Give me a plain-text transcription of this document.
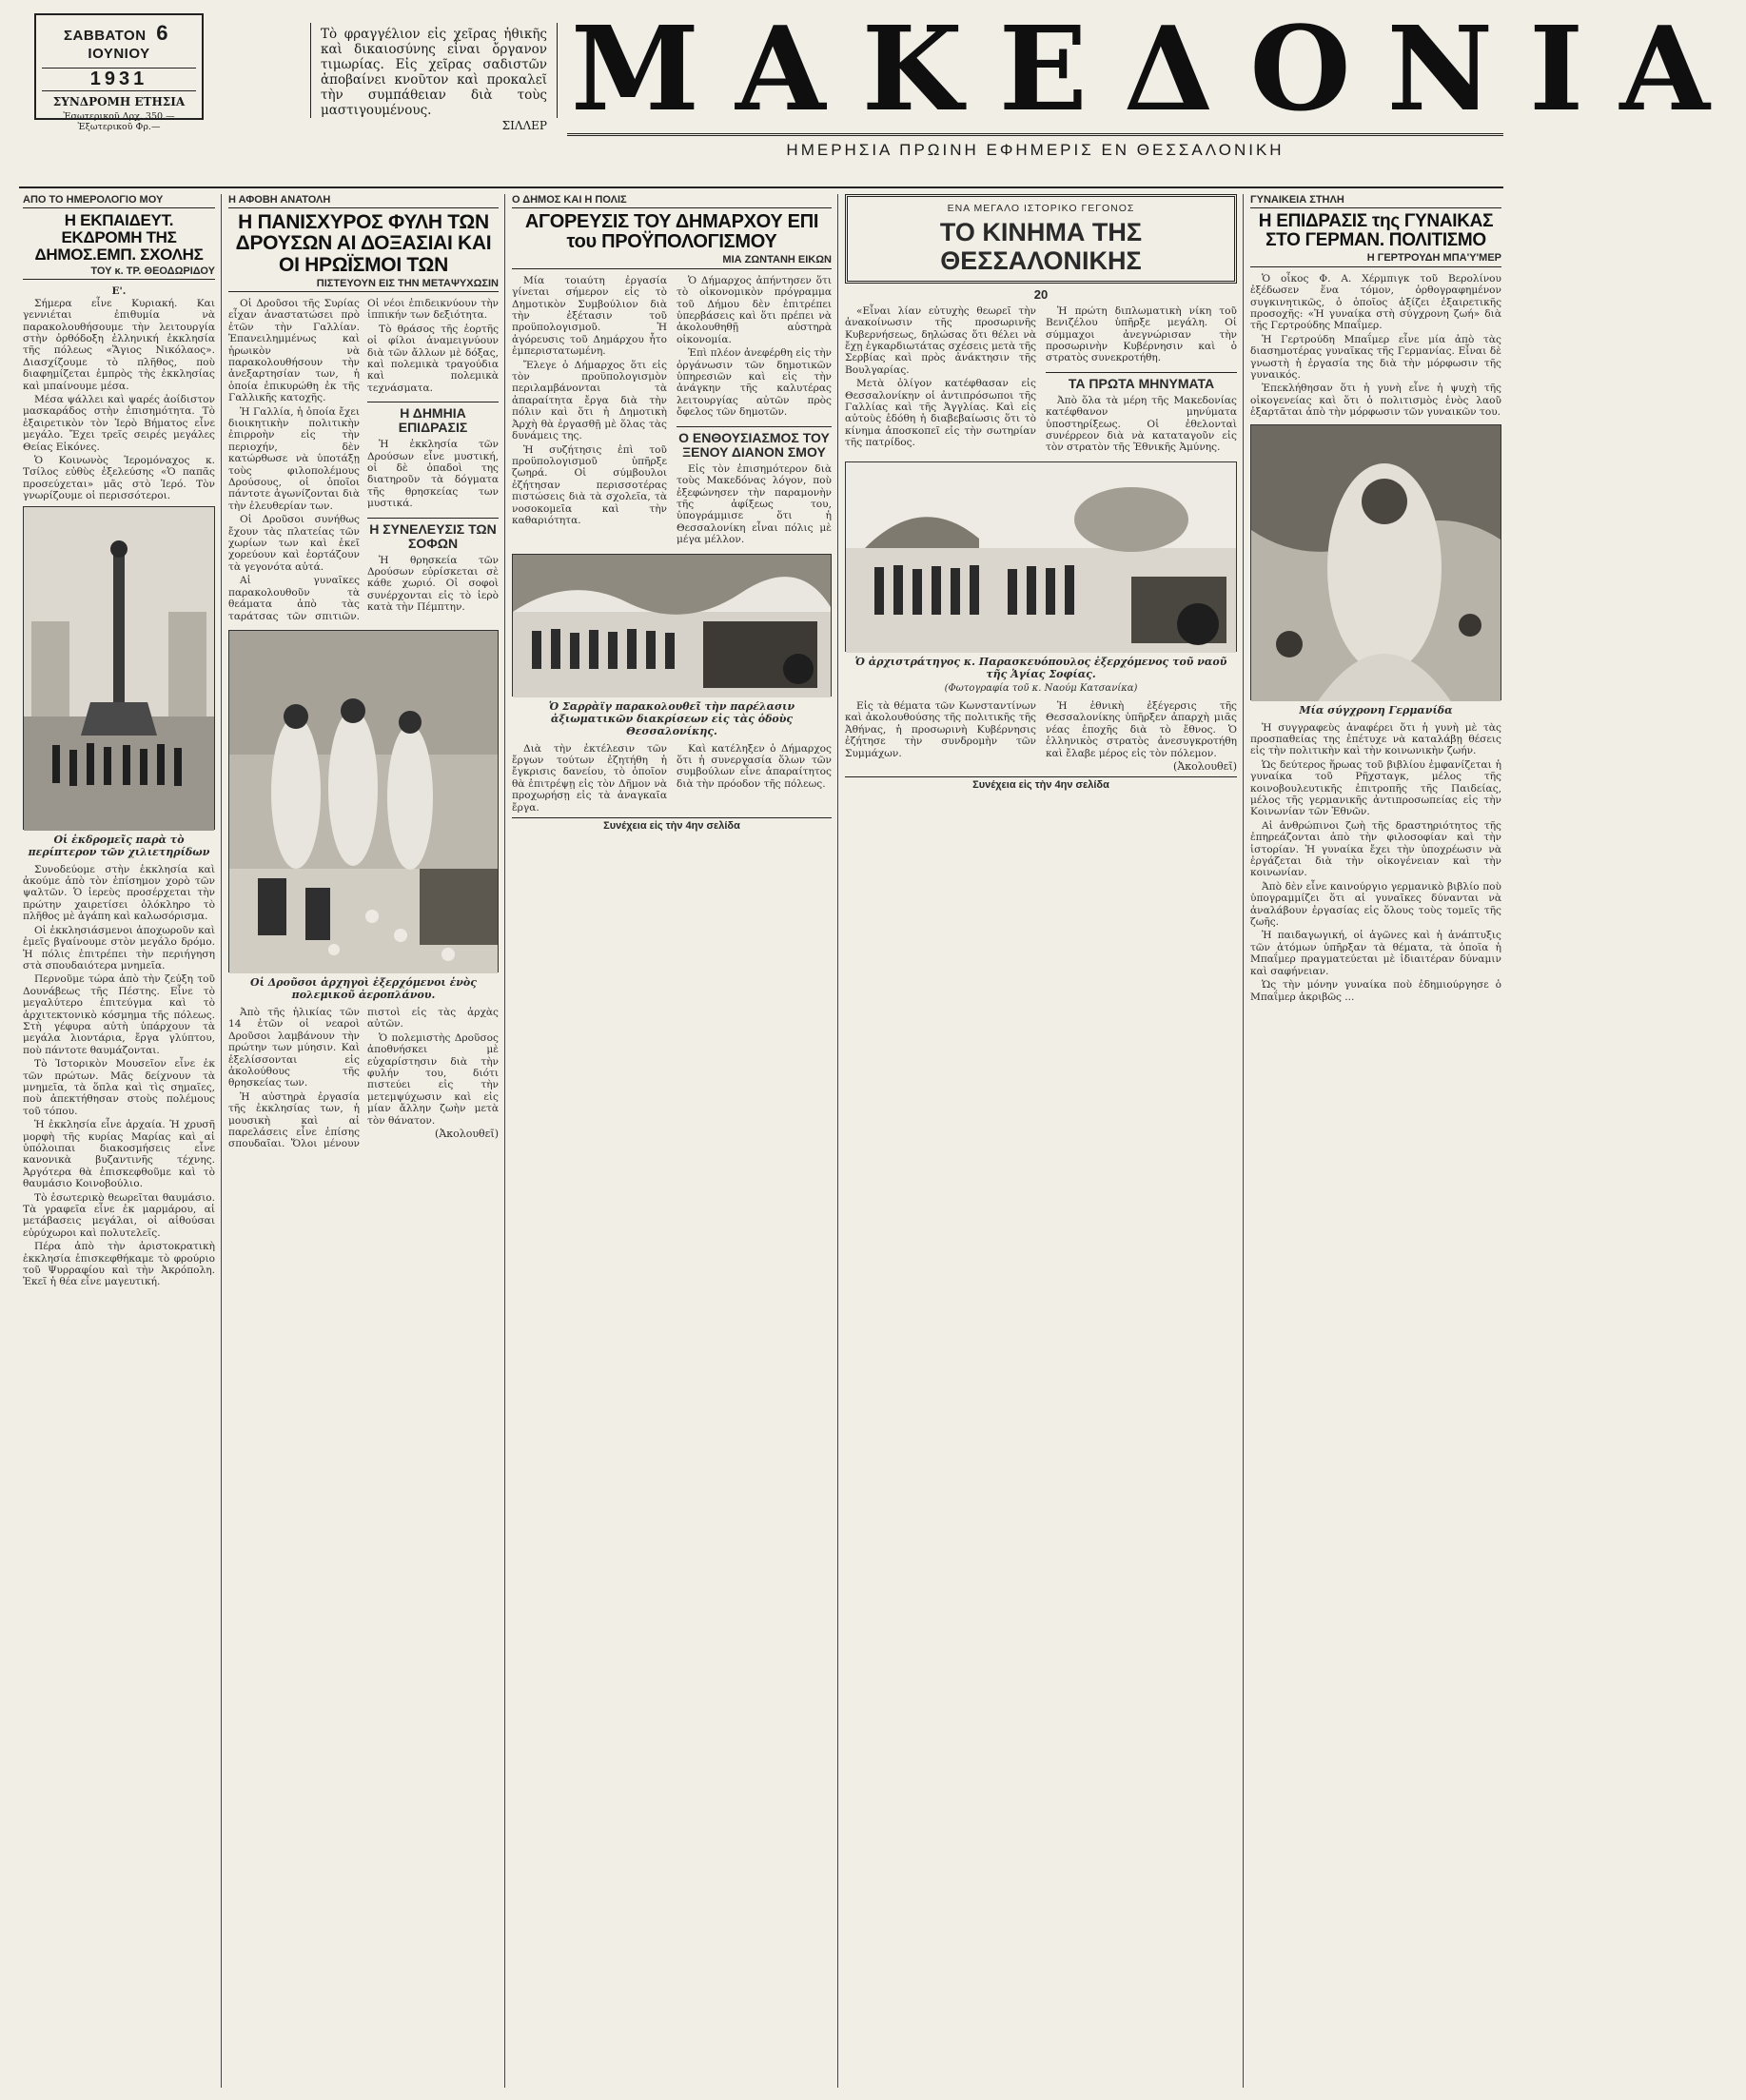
ΣΑΒΒΑΤΟΝ 6 ΙΟΥΝΙΟΥ
1931
ΣΥΝΔΡΟΜΗ ΕΤΗΣΙΑ
Ἐσωτερικοῦ Δρχ. 350.— Ἐξωτερικοῦ Φρ.—
Τὸ φραγγέλιον εἰς χεῖρας ἠθικῆς καὶ δικαιοσύνης εἶναι ὄργανον τιμωρίας. Εἰς χεῖρας σαδιστῶν ἀποβαίνει κνοῦτον καὶ προκαλεῖ τὴν συμπάθειαν διὰ τοὺς μαστιγουμένους.
ΣΙΛΛΕΡ ΜΑΚΕΔΟΝΙΑ
ΗΜΕΡΗΣΙΑ ΠΡΩΙΝΗ ΕΦΗΜΕΡΙΣ ΕΝ ΘΕΣΣΑΛΟΝΙΚΗ
ΑΠΟ ΤΟ ΗΜΕΡΟΛΟΓΙΟ ΜΟΥ
Η ΕΚΠΑΙΔΕΥΤ. ΕΚΔΡΟΜΗ ΤΗΣ ΔΗΜΟΣ.ΕΜΠ. ΣΧΟΛΗΣ
ΤΟΥ κ. ΤΡ. ΘΕΟΔΩΡΙΔΟΥ
Ε'.

Σήμερα εἶνε Κυριακή. Και γεννιέται ἐπιθυμία νὰ παρακολουθήσουμε τὴν λειτουργία στὴν ὀρθόδοξη ἑλληνική ἐκκλησία τῆς πόλεως «Ἅγιος Νικόλαος». Διασχίζουμε τὸ πλῆθος, ποὺ διαφημίζεται ἐμπρὸς τὴς ἐκκλησίας καὶ μπαίνουμε μέσα.

Μέσα ψάλλει καὶ ψαρές ἀοίδιστον μασκαράδος στὴν ἐπισημότητα. Τὸ ἐξαιρετικὸν τὸν Ἱερὸ Βήματος εἶνε μεγάλο. Ἔχει τρεῖς σειρές μεγάλες Θείας Εἰκόνες.

Ὁ Κοινωνὸς Ἱερομόναχος κ. Τσίλος εὐθὺς ἐξελεύσης «Ὁ παπᾶς προσεύχεται» μᾶς στὸ Ἱερό. Τὸν γνωρίζουμε οἱ περισσότεροι.

Οἱ ἐκδρομεῖς παρὰ τὸ περίπτερον τῶν χιλιετηρίδων

Συνοδεύομε στὴν ἐκκλησία καὶ ἀκούμε ἀπὸ τὸν ἐπίσημον χορὸ τῶν ψαλτῶν. Ὁ ἱερεὺς προσέρχεται τὴν πρώτην χαιρετίσει ὁλόκληρο τὸ πλῆθος μὲ ἀγάπη καὶ καλωσόρισμα.

Οἱ ἐκκλησιάσμενοι ἀποχωροῦν καὶ ἐμεῖς βγαίνουμε στὸν μεγάλο δρόμο. Ἡ πόλις ἐπιτρέπει τὴν περιήγηση στὰ σπουδαιότερα μνημεῖα.

Περνοῦμε τώρα ἀπὸ τὴν ζεύξη τοῦ Δουνάβεως τῆς Πέστης. Εἶνε τὸ μεγαλύτερο ἐπιτεύγμα καὶ τὸ ἀρχιτεκτονικὸ κόσμημα τῆς πόλεως. Στὴ γέφυρα αὐτὴ ὑπάρχουν τὰ μεγάλα λιοντάρια, ἔργα γλύπτου, ποὺ πάντοτε θαυμάζονται.

Τὸ Ἰστορικὸν Μουσεῖον εἶνε ἐκ τῶν πρώτων. Μᾶς δείχνουν τὰ μνημεῖα, τὰ ὅπλα καὶ τὶς σημαῖες, ποὺ ἀπεκτήθησαν στοὺς πολέμους τοῦ τόπου.

Ἡ ἐκκλησία εἶνε ἀρχαία. Ἡ χρυσῆ μορφὴ τῆς κυρίας Μαρίας καὶ αἱ ὑπόλοιπαι διακοσμήσεις εἶνε κανονικὰ βυζαντινῆς τέχνης. Ἀργότερα θὰ ἐπισκεφθοῦμε καὶ τὸ θαυμάσιο Κοινοβούλιο.

Τὸ ἐσωτερικὸ θεωρεῖται θαυμάσιο. Τὰ γραφεῖα εἶνε ἐκ μαρμάρου, αἱ μετάβασεις μεγάλαι, οἱ αἰθούσαι εὐρύχωροι καὶ πολυτελεῖς.

Πέρα ἀπὸ τὴν ἀριστοκρατικὴ ἐκκλησία ἐπισκεφθήκαμε τὸ φρούριο τοῦ Ψυρραφίου καὶ τὴν Ἀκρόπολη. Ἐκεῖ ἡ θέα εἶνε μαγευτική.

Η ΑΦΟΒΗ ΑΝΑΤΟΛΗ
Η ΠΑΝΙΣΧΥΡΟΣ ΦΥΛΗ ΤΩΝ ΔΡΟΥΣΩΝ ΑΙ ΔΟΞΑΣΙΑΙ ΚΑΙ ΟΙ ΗΡΩΪΣΜΟΙ ΤΩΝ
ΠΙΣΤΕΥΟΥΝ ΕΙΣ ΤΗΝ ΜΕΤΑΨΥΧΩΣΙΝ

Οἱ Δροῦσοι τῆς Συρίας εἶχαν ἀναστατώσει πρὸ ἐτῶν τὴν Γαλλίαν. Ἐπανειλημμένως καὶ ἡρωικὸν νὰ παρακολουθήσουν τὴν ἀνεξαρτησίαν των, ἡ ὁποία ἐπικυρώθη ἐκ τῆς Γαλλικῆς κατοχῆς.

Ἡ Γαλλία, ἡ ὁποία ἔχει διοικητικὴν πολιτικὴν ἐπιρροὴν εἰς τὴν περιοχήν, δὲν κατώρθωσε νὰ ὑποτάξῃ τοὺς φιλοπολέμους Δρούσους, οἱ ὁποῖοι πάντοτε ἀγωνίζονται διὰ τὴν ἐλευθερίαν των.

Οἱ Δροῦσοι συνήθως ἔχουν τὰς πλατείας τῶν χωρίων των καὶ ἐκεῖ χορεύουν καὶ ἑορτάζουν τὰ γεγονότα αὐτά.

Αἱ γυναῖκες παρακολουθοῦν τὰ θεάματα ἀπὸ τὰς ταράτσας τῶν σπιτιῶν. Οἱ νέοι ἐπιδεικνύουν τὴν ἱππικήν των δεξιότητα.

Τὸ θράσος τῆς ἑορτῆς οἱ φίλοι ἀναμειγνύουν διὰ τῶν ἄλλων μὲ δόξας, καὶ πολεμικὰ τραγούδια καὶ πολεμικὰ τεχνάσματα.

Η ΔΗΜΗΙΑ ΕΠΙΔΡΑΣΙΣ

Ἡ ἐκκλησία τῶν Δρούσων εἶνε μυστική, οἱ δὲ ὀπαδοὶ της διατηροῦν τὰ δόγματα τῆς θρησκείας των μυστικά.

Η ΣΥΝΕΛΕΥΣΙΣ ΤΩΝ ΣΟΦΩΝ

Ἡ θρησκεία τῶν Δρούσων εὐρίσκεται σὲ κάθε χωριό. Οἱ σοφοὶ συνέρχονται εἰς τὸ ἱερὸ κατὰ τὴν Πέμπτην.

Οἱ Δροῦσοι ἀρχηγοὶ ἐξερχόμενοι ἑνὸς πολεμικοῦ ἀεροπλάνου.

Ἀπὸ τῆς ἡλικίας τῶν 14 ἐτῶν οἱ νεαροὶ Δροῦσοι λαμβάνουν τὴν πρώτην των μύησιν. Καὶ ἐξελίσσονται εἰς ἀκολούθους τῆς θρησκείας των.

Ἡ αὐστηρὰ ἐργασία τῆς ἐκκλησίας των, ἡ μουσικὴ καὶ αἱ παρελάσεις εἶνε ἐπίσης σπουδαῖαι. Ὅλοι μένουν πιστοὶ εἰς τὰς ἀρχὰς αὐτῶν.

Ὁ πολεμιστὴς Δροῦσος ἀποθνήσκει μὲ εὐχαρίστησιν διὰ τὴν φυλήν του, διότι πιστεύει εἰς τὴν μετεμψύχωσιν καὶ εἰς μίαν ἄλλην ζωὴν μετὰ τὸν θάνατον.

(Ἀκολουθεῖ)
Ο ΔΗΜΟΣ ΚΑΙ Η ΠΟΛΙΣ
ΑΓΟΡΕΥΣΙΣ ΤΟΥ ΔΗΜΑΡΧΟΥ ΕΠΙ του ΠΡΟΫΠΟΛΟΓΙΣΜΟΥ
ΜΙΑ ΖΩΝΤΑΝΗ ΕΙΚΩΝ

Μία τοιαύτη ἐργασία γίνεται σήμερον εἰς τὸ Δημοτικὸν Συμβούλιον διὰ τὴν ἐξέτασιν τοῦ προϋπολογισμοῦ. Ἡ ἀγόρευσις τοῦ Δημάρχου ἦτο ἐμπεριστατωμένη.

Ἔλεγε ὁ Δήμαρχος ὅτι εἰς τὸν προϋπολογισμὸν περιλαμβάνονται τὰ ἀπαραίτητα ἔργα διὰ τὴν πόλιν καὶ ὅτι ἡ Δημοτικὴ Ἀρχὴ θὰ ἐργασθῇ μὲ ὅλας τὰς δυνάμεις της.

Ἡ συζήτησις ἐπὶ τοῦ προϋπολογισμοῦ ὑπῆρξε ζωηρά. Οἱ σύμβουλοι ἐζήτησαν περισσοτέρας πιστώσεις διὰ τὰ σχολεῖα, τὰ νοσοκομεῖα καὶ τὴν καθαριότητα.

Ὁ Δήμαρχος ἀπήντησεν ὅτι τὸ οἰκονομικὸν πρόγραμμα τοῦ Δήμου δὲν ἐπιτρέπει ὑπερβάσεις καὶ ὅτι πρέπει νὰ ἀκολουθηθῇ αὐστηρὰ οἰκονομία.

Ἐπὶ πλέον ἀνεφέρθη εἰς τὴν ὀργάνωσιν τῶν δημοτικῶν ὑπηρεσιῶν καὶ εἰς τὴν ἀνάγκην τῆς καλυτέρας λειτουργίας αὐτῶν πρὸς ὄφελος τῶν δημοτῶν.

Ο ΕΝΘΟΥΣΙΑΣΜΟΣ ΤΟΥ ΞΕΝΟΥ ΔΙΑΝΟΝ ΣΜΟΥ

Εἰς τὸν ἐπισημότερον διὰ τοὺς Μακεδόνας λόγον, ποὺ ἐξεφώνησεν τὴν παραμονὴν τῆς ἀφίξεως του, ὑπογράμμισε ὅτι ἡ Θεσσαλονίκη εἶναι πόλις μὲ μέγα μέλλον.

Ὁ Σαρρὰϊγ παρακολουθεῖ τὴν παρέλασιν ἀξιωματικῶν διακρίσεων εἰς τὰς ὁδοὺς Θεσσαλονίκης.

Διὰ τὴν ἐκτέλεσιν τῶν ἔργων τούτων ἐζητήθη ἡ ἔγκρισις δανείου, τὸ ὁποῖον θὰ ἐπιτρέψῃ εἰς τὸν Δῆμον νὰ προχωρήσῃ εἰς τὰ ἀναγκαῖα ἔργα.

Καὶ κατέληξεν ὁ Δήμαρχος ὅτι ἡ συνεργασία ὅλων τῶν συμβούλων εἶνε ἀπαραίτητος διὰ τὴν πρόοδον τῆς πόλεως.

Συνέχεια εἰς τὴν 4ην σελίδα
ΕΝΑ ΜΕΓΑΛΟ ΙΣΤΟΡΙΚΟ ΓΕΓΟΝΟΣ
ΤΟ ΚΙΝΗΜΑ ΤΗΣ ΘΕΣΣΑΛΟΝΙΚΗΣ
20

«Εἶναι λίαν εὐτυχὴς θεωρεῖ τὴν ἀνακοίνωσιν τῆς προσωρινῆς Κυβερνήσεως, δηλώσας ὅτι θέλει νὰ ἔχῃ ἐγκαρδιωτάτας σχέσεις μετὰ τῆς Σερβίας καὶ πρὸς ἀνάκτησιν τῆς Βουλγαρίας.

Μετὰ ὀλίγον κατέφθασαν εἰς Θεσσαλονίκην οἱ ἀντιπρόσωποι τῆς Γαλλίας καὶ τῆς Ἀγγλίας. Καὶ εἰς αὐτοὺς ἐδόθη ἡ διαβεβαίωσις ὅτι τὸ κίνημα ἀποσκοπεῖ εἰς τὴν σωτηρίαν τῆς πατρίδος.

Ἡ πρώτη διπλωματικὴ νίκη τοῦ Βενιζέλου ὑπῆρξε μεγάλη. Οἱ σύμμαχοι ἀνεγνώρισαν τὴν προσωρινὴν Κυβέρνησιν καὶ ὁ στρατὸς συνεκροτήθη.

ΤΑ ΠΡΩΤΑ ΜΗΝΥΜΑΤΑ

Ἀπὸ ὅλα τὰ μέρη τῆς Μακεδονίας κατέφθανον μηνύματα ὑποστηρίξεως. Οἱ ἐθελονταὶ συνέρρεον διὰ νὰ καταταγοῦν εἰς τὸν στρατὸν τῆς Ἐθνικῆς Ἀμύνης.

Ὁ ἀρχιστράτηγος κ. Παρασκευόπουλος ἐξερχόμενος τοῦ ναοῦ τῆς Ἁγίας Σοφίας.
(Φωτογραφία τοῦ κ. Ναούμ Κατσανίκα)

Εἰς τὰ θέματα τῶν Κωνσταντίνων καὶ ἀκολουθούσης τῆς πολιτικῆς τῆς Ἀθήνας, ἡ προσωρινὴ Κυβέρνησις ἐζήτησε τὴν συνδρομὴν τῶν Συμμάχων.

Ἡ ἐθνικὴ ἐξέγερσις τῆς Θεσσαλονίκης ὑπῆρξεν ἀπαρχὴ μιᾶς νέας ἐποχῆς διὰ τὸ ἔθνος. Ὁ ἑλληνικὸς στρατὸς ἀνεσυγκροτήθη καὶ ἔλαβε μέρος εἰς τὸν πόλεμον.

(Ἀκολουθεῖ)
Συνέχεια εἰς τὴν 4ην σελίδα
ΓΥΝΑΙΚΕΙΑ ΣΤΗΛΗ
Η ΕΠΙΔΡΑΣΙΣ της ΓΥΝΑΙΚΑΣ ΣΤΟ ΓΕΡΜΑΝ. ΠΟΛΙΤΙΣΜΟ
Η ΓΕΡΤΡΟΥΔΗ ΜΠΑ'Υ'ΜΕΡ

Ὁ οἶκος Φ. Α. Χέρμπιγκ τοῦ Βερολίνου ἐξέδωσεν ἕνα τόμον, ὀρθογραφημένον συγκινητικῶς, ὁ ὁποῖος ἀξίζει ἐξαιρετικῆς προσοχῆς: «Ἡ γυναίκα στὴ σύγχρονη ζωή» διὰ τῆς Γερτρούδης Μπαΐμερ.

Ἡ Γερτρούδη Μπαΐμερ εἶνε μία ἀπὸ τὰς διασημοτέρας γυναῖκας τῆς Γερμανίας. Εἶναι δὲ γνωστὴ ἡ ἐργασία της διὰ τὴν μόρφωσιν τῆς γυναικός.

Ἐπεκλήθησαν ὅτι ἡ γυνὴ εἶνε ἡ ψυχὴ τῆς οἰκογενείας καὶ ὅτι ὁ πολιτισμὸς ἑνὸς λαοῦ ἐξαρτᾶται ἀπὸ τὴν μόρφωσιν τῶν γυναικῶν του.

Μία σύγχρονη Γερμανίδα

Ἡ συγγραφεὺς ἀναφέρει ὅτι ἡ γυνὴ μὲ τὰς προσπαθείας της ἐπέτυχε νὰ καταλάβῃ θέσεις εἰς τὴν πολιτικὴν καὶ τὴν κοινωνικὴν ζωήν.

Ὡς δεύτερος ἥρωας τοῦ βιβλίου ἐμφανίζεται ἡ γυναίκα τοῦ Ρῆχσταγκ, μέλος τῆς κοινοβουλευτικῆς ἐπιτροπῆς τῆς Παιδείας, μέλος τῆς γερμανικῆς ἀντιπροσωπείας εἰς τὴν Κοινωνίαν τῶν Ἐθνῶν.

Αἱ ἀνθρώπινοι ζωὴ τῆς δραστηριότητος τῆς ἐπηρεάζονται ἀπὸ τὴν φιλοσοφίαν καὶ τὴν ἱστορίαν. Ἡ γυναίκα ἔχει τὴν ὑποχρέωσιν νὰ ἐργάζεται διὰ τὴν οἰκογένειαν καὶ τὴν κοινωνίαν.

Ἀπὸ δὲν εἶνε καινούργιο γερμανικὸ βιβλίο ποὺ ὑπογραμμίζει ὅτι αἱ γυναῖκες δύνανται νὰ ἀναλάβουν ἐργασίας εἰς ὅλους τοὺς τομεῖς τῆς ζωῆς.

Ἡ παιδαγωγική, οἱ ἀγῶνες καὶ ἡ ἀνάπτυξις τῶν ἀτόμων ὑπῆρξαν τὰ θέματα, τὰ ὁποῖα ἡ Μπαΐμερ πραγματεύεται μὲ ἰδιαιτέραν δύναμιν καὶ σαφήνειαν.

Ὡς τὴν μόνην γυναίκα ποὺ ἐδημιούργησε ὁ Μπαΐμερ ἀκριβῶς ...
